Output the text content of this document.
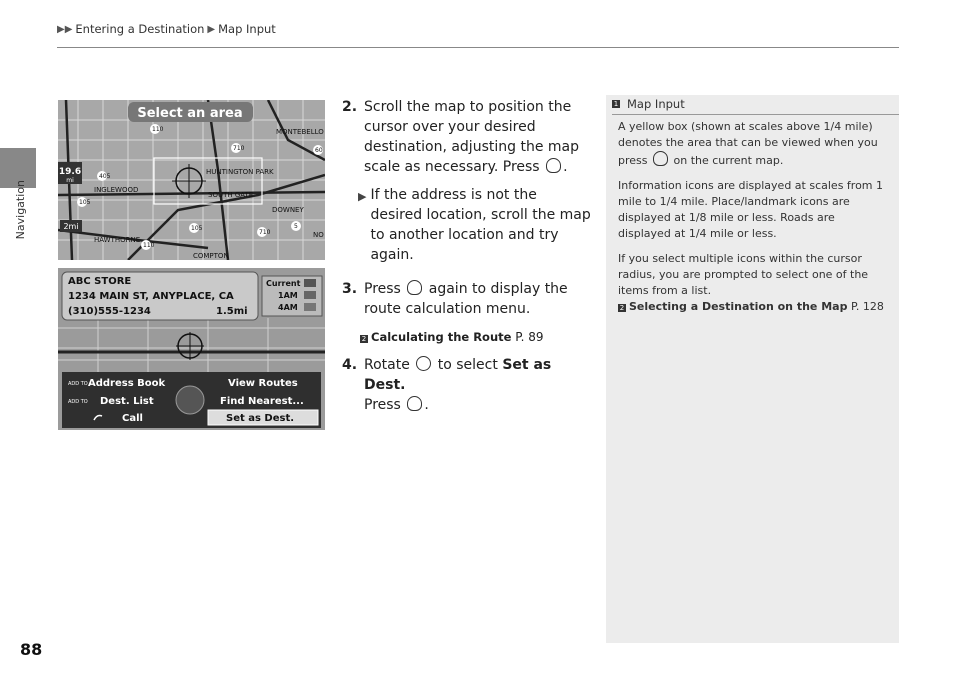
▶▶ Entering a Destination ▶ Map Input
Navigation
88
Select an area
19.6
mi
2mi
MONTEBELLO
HUNTINGTON PARK
INGLEWOOD
SOUTH GATE
DOWNEY
HAWTHORNE
COMPTON
NO
110
710	60
405
105
105	5
110
710
ABC STORE
1234 MAIN ST, ANYPLACE, CA
(310)555-1234	1.5mi
Current
1AM
4AM
Address Book	View Routes
Dest. List	Find Nearest...
Call	Set as Dest.
ADD TO
ADD TO
2. Scroll the map to position the cursor over your desired destination, adjusting the map scale as necessary. Press .
▶ If the address is not the desired location, scroll the map to another location and try again.
3. Press again to display the route calculation menu.
2 Calculating the Route P. 89
4. Rotate to select Set as Dest.
Press .
1 Map Input

A yellow box (shown at scales above 1/4 mile) denotes the area that can be viewed when you press on the current map.

Information icons are displayed at scales from 1 mile to 1/4 mile. Place/landmark icons are displayed at 1/8 mile or less. Roads are displayed at 1/4 mile or less.

If you select multiple icons within the cursor radius, you are prompted to select one of the items from a list.
2 Selecting a Destination on the Map P. 128
